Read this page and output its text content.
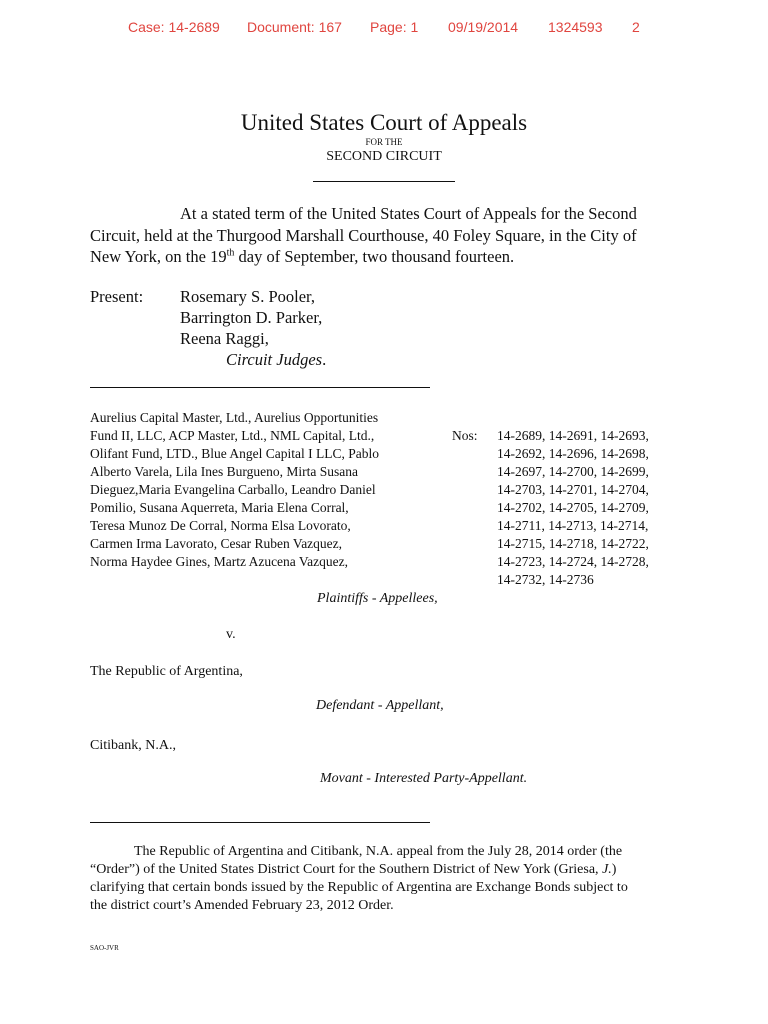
Case: 14-2689 Document: 167 Page: 1 09/19/2014 1324593 2
United States Court of Appeals
FOR THE
SECOND CIRCUIT
At a stated term of the United States Court of Appeals for the Second
Circuit, held at the Thurgood Marshall Courthouse, 40 Foley Square, in the City of
New York, on the 19th day of September, two thousand fourteen.
Present: Rosemary S. Pooler,
Barrington D. Parker,
Reena Raggi,
Circuit Judges.
Aurelius Capital Master, Ltd., Aurelius Opportunities
Fund II, LLC, ACP Master, Ltd., NML Capital, Ltd.,
Olifant Fund, LTD., Blue Angel Capital I LLC, Pablo
Alberto Varela, Lila Ines Burgueno, Mirta Susana
Dieguez,Maria Evangelina Carballo, Leandro Daniel
Pomilio, Susana Aquerreta, Maria Elena Corral,
Teresa Munoz De Corral, Norma Elsa Lovorato,
Carmen Irma Lavorato, Cesar Ruben Vazquez,
Norma Haydee Gines, Martz Azucena Vazquez,
Nos: 14-2689, 14-2691, 14-2693,
14-2692, 14-2696, 14-2698,
14-2697, 14-2700, 14-2699,
14-2703, 14-2701, 14-2704,
14-2702, 14-2705, 14-2709,
14-2711, 14-2713, 14-2714,
14-2715, 14-2718, 14-2722,
14-2723, 14-2724, 14-2728,
14-2732, 14-2736
Plaintiffs - Appellees,
v.
The Republic of Argentina,
Defendant - Appellant,
Citibank, N.A.,
Movant - Interested Party-Appellant.
The Republic of Argentina and Citibank, N.A. appeal from the July 28, 2014 order (the
“Order”) of the United States District Court for the Southern District of New York (Griesa, J.)
clarifying that certain bonds issued by the Republic of Argentina are Exchange Bonds subject to
the district court’s Amended February 23, 2012 Order.
SAO-JVR
